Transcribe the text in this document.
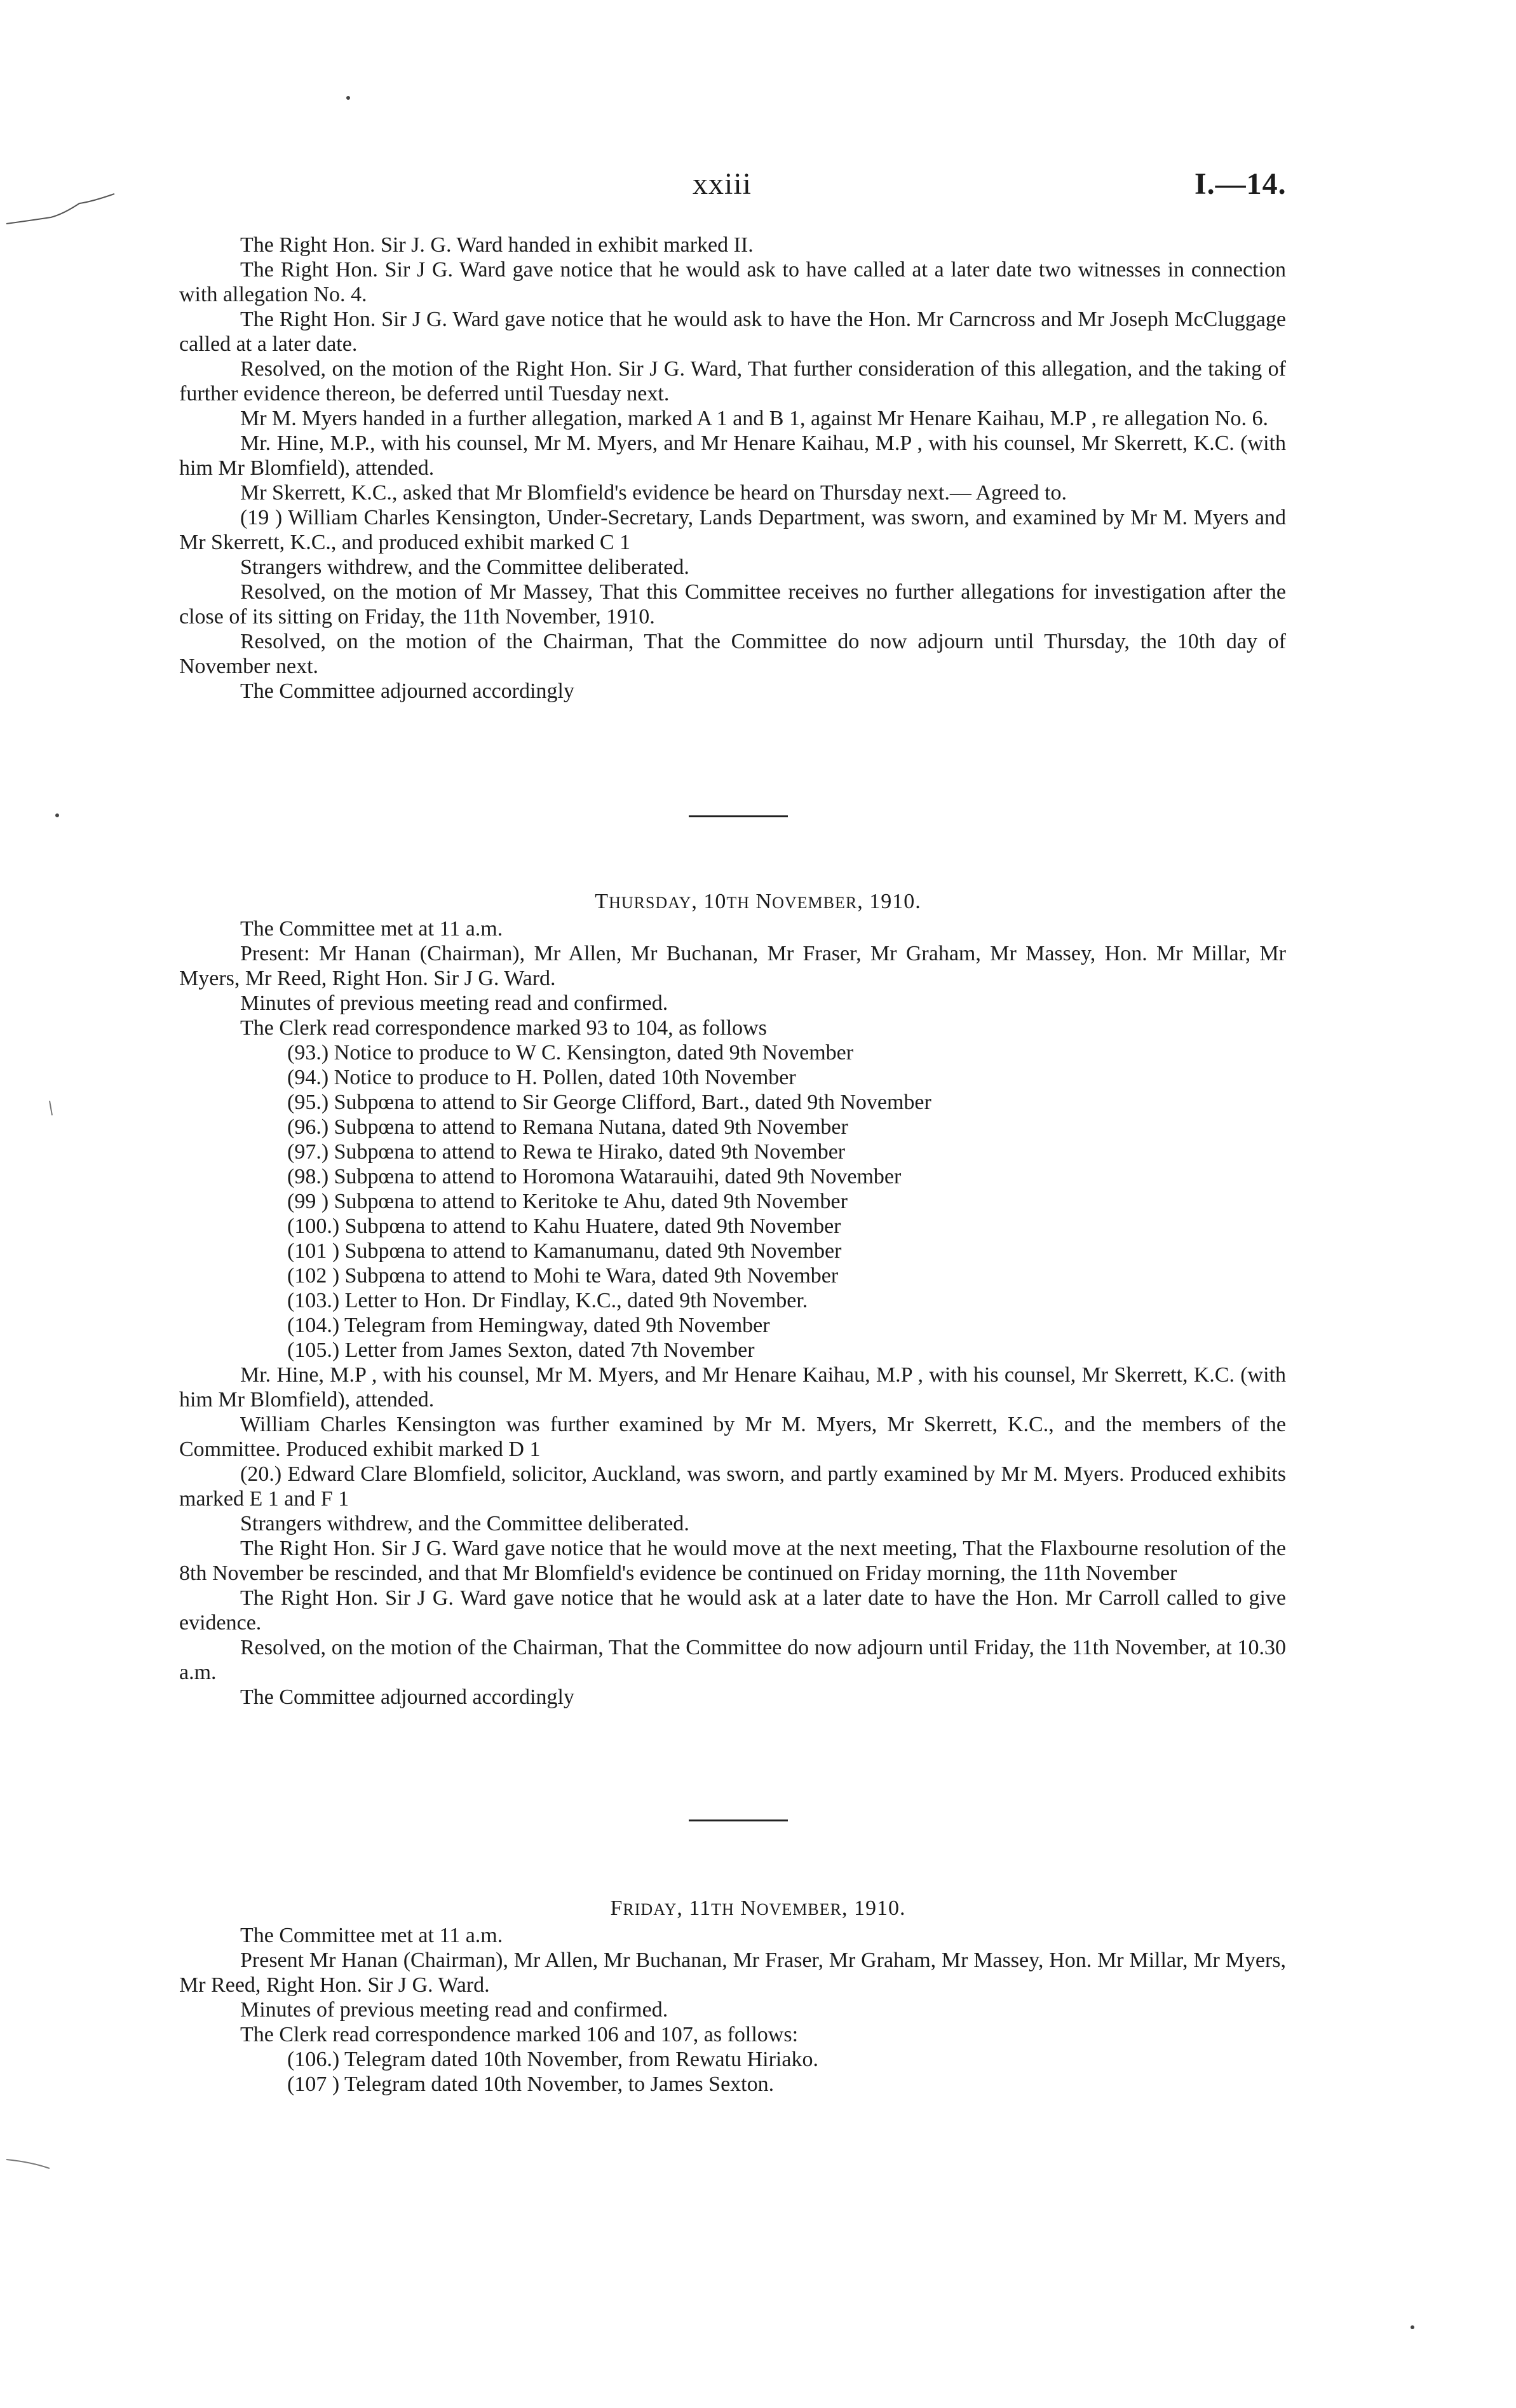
xxiii	I.—14.

The Right Hon. Sir J. G. Ward handed in exhibit marked II.

The Right Hon. Sir J G. Ward gave notice that he would ask to have called at a later date two witnesses in connection with allegation No. 4.

The Right Hon. Sir J G. Ward gave notice that he would ask to have the Hon. Mr Carncross and Mr Joseph McCluggage called at a later date.

Resolved, on the motion of the Right Hon. Sir J G. Ward, That further consideration of this allegation, and the taking of further evidence thereon, be deferred until Tuesday next.

Mr M. Myers handed in a further allegation, marked A 1 and B 1, against Mr Henare Kaihau, M.P , re allegation No. 6.

Mr. Hine, M.P., with his counsel, Mr M. Myers, and Mr Henare Kaihau, M.P , with his counsel, Mr Skerrett, K.C. (with him Mr Blomfield), attended.

Mr Skerrett, K.C., asked that Mr Blomfield's evidence be heard on Thursday next.— Agreed to.

(19 ) William Charles Kensington, Under-Secretary, Lands Department, was sworn, and examined by Mr M. Myers and Mr Skerrett, K.C., and produced exhibit marked C 1

Strangers withdrew, and the Committee deliberated.

Resolved, on the motion of Mr Massey, That this Committee receives no further allegations for investigation after the close of its sitting on Friday, the 11th November, 1910.

Resolved, on the motion of the Chairman, That the Committee do now adjourn until Thursday, the 10th day of November next.

The Committee adjourned accordingly

THURSDAY, 10TH NOVEMBER, 1910.

The Committee met at 11 a.m.

Present: Mr Hanan (Chairman), Mr Allen, Mr Buchanan, Mr Fraser, Mr Graham, Mr Massey, Hon. Mr Millar, Mr Myers, Mr Reed, Right Hon. Sir J G. Ward.

Minutes of previous meeting read and confirmed.

The Clerk read correspondence marked 93 to 104, as follows

(93.) Notice to produce to W C. Kensington, dated 9th November
(94.) Notice to produce to H. Pollen, dated 10th November
(95.) Subpœna to attend to Sir George Clifford, Bart., dated 9th November
(96.) Subpœna to attend to Remana Nutana, dated 9th November
(97.) Subpœna to attend to Rewa te Hirako, dated 9th November
(98.) Subpœna to attend to Horomona Watarauihi, dated 9th November
(99 ) Subpœna to attend to Keritoke te Ahu, dated 9th November
(100.) Subpœna to attend to Kahu Huatere, dated 9th November
(101 ) Subpœna to attend to Kamanumanu, dated 9th November
(102 ) Subpœna to attend to Mohi te Wara, dated 9th November
(103.) Letter to Hon. Dr Findlay, K.C., dated 9th November.
(104.) Telegram from Hemingway, dated 9th November
(105.) Letter from James Sexton, dated 7th November

Mr. Hine, M.P , with his counsel, Mr M. Myers, and Mr Henare Kaihau, M.P , with his counsel, Mr Skerrett, K.C. (with him Mr Blomfield), attended.

William Charles Kensington was further examined by Mr M. Myers, Mr Skerrett, K.C., and the members of the Committee. Produced exhibit marked D 1

(20.) Edward Clare Blomfield, solicitor, Auckland, was sworn, and partly examined by Mr M. Myers. Produced exhibits marked E 1 and F 1

Strangers withdrew, and the Committee deliberated.

The Right Hon. Sir J G. Ward gave notice that he would move at the next meeting, That the Flaxbourne resolution of the 8th November be rescinded, and that Mr Blomfield's evidence be continued on Friday morning, the 11th November

The Right Hon. Sir J G. Ward gave notice that he would ask at a later date to have the Hon. Mr Carroll called to give evidence.

Resolved, on the motion of the Chairman, That the Committee do now adjourn until Friday, the 11th November, at 10.30 a.m.

The Committee adjourned accordingly

FRIDAY, 11TH NOVEMBER, 1910.

The Committee met at 11 a.m.

Present Mr Hanan (Chairman), Mr Allen, Mr Buchanan, Mr Fraser, Mr Graham, Mr Massey, Hon. Mr Millar, Mr Myers, Mr Reed, Right Hon. Sir J G. Ward.

Minutes of previous meeting read and confirmed.

The Clerk read correspondence marked 106 and 107, as follows:

(106.) Telegram dated 10th November, from Rewatu Hiriako.
(107 ) Telegram dated 10th November, to James Sexton.
